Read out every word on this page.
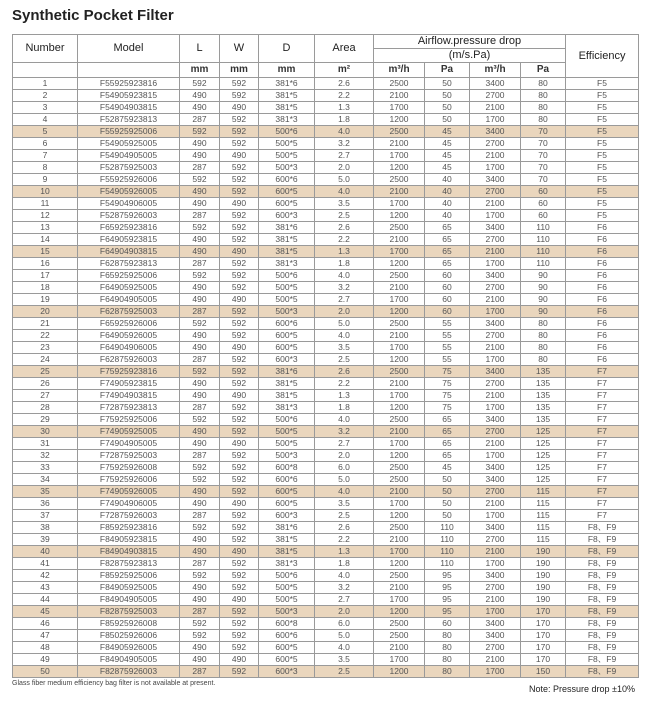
Synthetic Pocket Filter
Number	Model	L	W	D	Area	Airflow.pressure drop				Efficiency
						(m/s.Pa)				
		mm	mm	mm	m²	m³/h	Pa	m³/h	Pa	
1	F55925923816	592	592	381*6	2.6	2500	50	3400	80	F5
2	F54905923815	490	592	381*5	2.2	2100	50	2700	80	F5
3	F54904903815	490	490	381*5	1.3	1700	50	2100	80	F5
4	F52875923813	287	592	381*3	1.8	1200	50	1700	80	F5
5	F55925925006	592	592	500*6	4.0	2500	45	3400	70	F5
6	F54905925005	490	592	500*5	3.2	2100	45	2700	70	F5
7	F54904905005	490	490	500*5	2.7	1700	45	2100	70	F5
8	F52875925003	287	592	500*3	2.0	1200	45	1700	70	F5
9	F55925926006	592	592	600*6	5.0	2500	40	3400	70	F5
10	F54905926005	490	592	600*5	4.0	2100	40	2700	60	F5
11	F54904906005	490	490	600*5	3.5	1700	40	2100	60	F5
12	F52875926003	287	592	600*3	2.5	1200	40	1700	60	F5
13	F65925923816	592	592	381*6	2.6	2500	65	3400	110	F6
14	F64905923815	490	592	381*5	2.2	2100	65	2700	110	F6
15	F64904903815	490	490	381*5	1.3	1700	65	2100	110	F6
16	F62875923813	287	592	381*3	1.8	1200	65	1700	110	F6
17	F65925925006	592	592	500*6	4.0	2500	60	3400	90	F6
18	F64905925005	490	592	500*5	3.2	2100	60	2700	90	F6
19	F64904905005	490	490	500*5	2.7	1700	60	2100	90	F6
20	F62875925003	287	592	500*3	2.0	1200	60	1700	90	F6
21	F65925926006	592	592	600*6	5.0	2500	55	3400	80	F6
22	F64905926005	490	592	600*5	4.0	2100	55	2700	80	F6
23	F64904906005	490	490	600*5	3.5	1700	55	2100	80	F6
24	F62875926003	287	592	600*3	2.5	1200	55	1700	80	F6
25	F75925923816	592	592	381*6	2.6	2500	75	3400	135	F7
26	F74905923815	490	592	381*5	2.2	2100	75	2700	135	F7
27	F74904903815	490	490	381*5	1.3	1700	75	2100	135	F7
28	F72875923813	287	592	381*3	1.8	1200	75	1700	135	F7
29	F75925925006	592	592	500*6	4.0	2500	65	3400	135	F7
30	F74905925005	490	592	500*5	3.2	2100	65	2700	125	F7
31	F74904905005	490	490	500*5	2.7	1700	65	2100	125	F7
32	F72875925003	287	592	500*3	2.0	1200	65	1700	125	F7
33	F75925926008	592	592	600*8	6.0	2500	45	3400	125	F7
34	F75925926006	592	592	600*6	5.0	2500	50	3400	125	F7
35	F74905926005	490	592	600*5	4.0	2100	50	2700	115	F7
36	F74904906005	490	490	600*5	3.5	1700	50	2100	115	F7
37	F72875926003	287	592	600*3	2.5	1200	50	1700	115	F7
38	F85925923816	592	592	381*6	2.6	2500	110	3400	115	F8、F9
39	F84905923815	490	592	381*5	2.2	2100	110	2700	115	F8、F9
40	F84904903815	490	490	381*5	1.3	1700	110	2100	190	F8、F9
41	F82875923813	287	592	381*3	1.8	1200	110	1700	190	F8、F9
42	F85925925006	592	592	500*6	4.0	2500	95	3400	190	F8、F9
43	F84905925005	490	592	500*5	3.2	2100	95	2700	190	F8、F9
44	F84904905005	490	490	500*5	2.7	1700	95	2100	190	F8、F9
45	F82875925003	287	592	500*3	2.0	1200	95	1700	170	F8、F9
46	F85925926008	592	592	600*8	6.0	2500	60	3400	170	F8、F9
47	F85025926006	592	592	600*6	5.0	2500	80	3400	170	F8、F9
48	F84905926005	490	592	600*5	4.0	2100	80	2700	170	F8、F9
49	F84904905005	490	490	600*5	3.5	1700	80	2100	170	F8、F9
50	F82875926003	287	592	600*3	2.5	1200	80	1700	150	F8、F9
Glass fiber medium efficiency bag filter is not available at present.
Note: Pressure drop ±10%
